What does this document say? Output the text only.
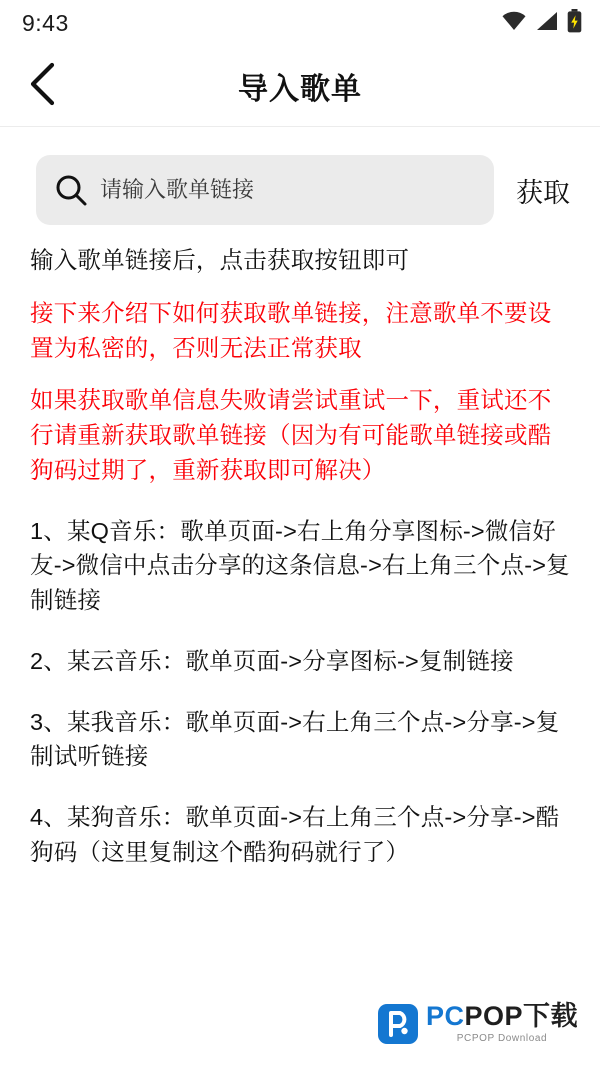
9:43
导入歌单
请输入歌单链接
获取

输入歌单链接后，点击获取按钮即可

接下来介绍下如何获取歌单链接，注意歌单不要设置为私密的，否则无法正常获取

如果获取歌单信息失败请尝试重试一下，重试还不行请重新获取歌单链接（因为有可能歌单链接或酷狗码过期了，重新获取即可解决）

1、某Q音乐：歌单页面->右上角分享图标->微信好友->微信中点击分享的这条信息->右上角三个点->复制链接

2、某云音乐：歌单页面->分享图标->复制链接

3、某我音乐：歌单页面->右上角三个点->分享->复制试听链接

4、某狗音乐：歌单页面->右上角三个点->分享->酷狗码（这里复制这个酷狗码就行了）

PCPOP下载
PCPOP Download
